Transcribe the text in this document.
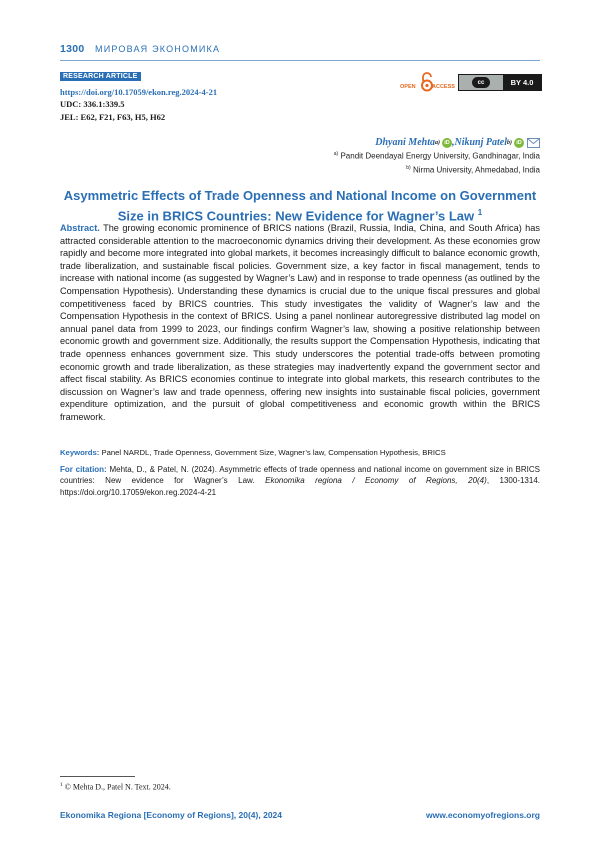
1300 МИРОВАЯ ЭКОНОМИКА
RESEARCH ARTICLE
https://doi.org/10.17059/ekon.reg.2024-4-21
UDC: 336.1:339.5
JEL: E62, F21, F63, H5, H62
OPEN	ACCESS
cc	BY 4.0
Dhyani Mehta a) iD , Nikunj Patel b) iD
a) Pandit Deendayal Energy University, Gandhinagar, India
b) Nirma University, Ahmedabad, India
Asymmetric Effects of Trade Openness and National Income on Government Size in BRICS Countries: New Evidence for Wagner’s Law 1
Abstract. The growing economic prominence of BRICS nations (Brazil, Russia, India, China, and South Africa) has attracted considerable attention to the macroeconomic dynamics driving their development. As these economies grow rapidly and become more integrated into global markets, it becomes increasingly difficult to balance economic growth, trade liberalization, and sustainable fiscal policies. Government size, a key factor in fiscal management, tends to increase with national income (as suggested by Wagner’s Law) and in response to trade openness (as outlined by the Compensation Hypothesis). Understanding these dynamics is crucial due to the unique fiscal pressures and global competitiveness faced by BRICS countries. This study investigates the validity of Wagner’s law and the Compensation Hypothesis in the context of BRICS. Using a panel nonlinear autoregressive distributed lag model on annual panel data from 1999 to 2023, our findings confirm Wagner’s law, showing a positive relationship between economic growth and government size. Additionally, the results support the Compensation Hypothesis, indicating that trade openness enhances government size. This study underscores the potential trade-offs between promoting economic growth and trade liberalization, as these strategies may inadvertently expand the government sector and affect fiscal stability. As BRICS economies continue to integrate into global markets, this research contributes to the discussion on Wagner’s law and trade openness, offering new insights into sustainable fiscal policies, government expenditure optimization, and the pursuit of global competitiveness and economic growth within the BRICS framework.
Keywords: Panel NARDL, Trade Openness, Government Size, Wagner’s law, Compensation Hypothesis, BRICS
For citation: Mehta, D., & Patel, N. (2024). Asymmetric effects of trade openness and national income on government size in BRICS countries: New evidence for Wagner’s Law. Ekonomika regiona / Economy of Regions, 20(4), 1300-1314. https://doi.org/10.17059/ekon.reg.2024-4-21
1 © Mehta D., Patel N. Text. 2024.
Ekonomika Regiona [Economy of Regions], 20(4), 2024	www.economyofregions.org
